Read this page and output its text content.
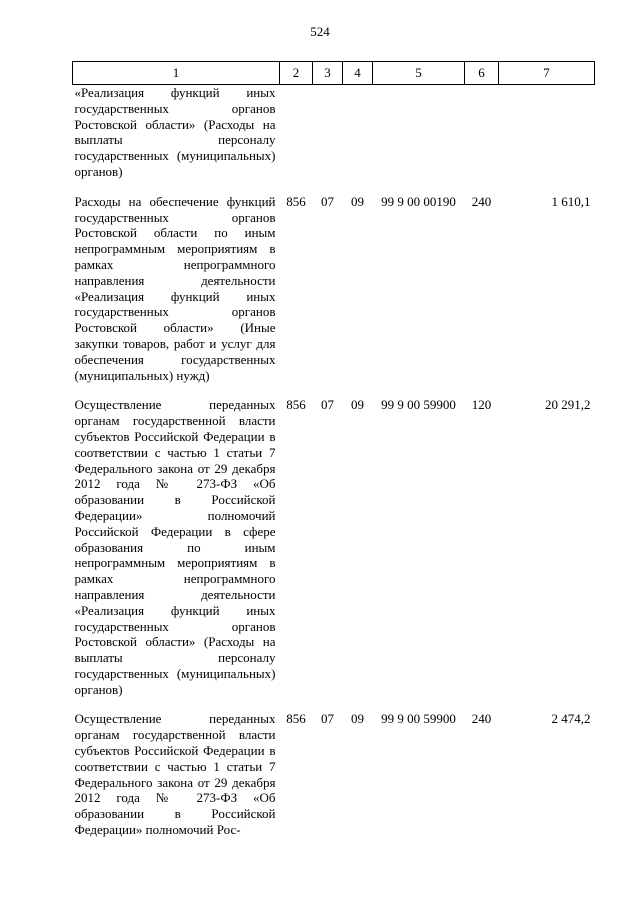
524
1	2	3	4	5	6	7
«Реализация функций иных государственных органов Ростовской области» (Расходы на выплаты персоналу государственных (муниципальных) органов)						
Расходы на обеспечение функций государственных органов Ростовской области по иным непрограммным мероприятиям в рамках непрограммного направления деятельности «Реализация функций иных государственных органов Ростовской области» (Иные закупки товаров, работ и услуг для обеспечения государственных (муниципальных) нужд)	856	07	09	99 9 00 00190	240	1 610,1
Осуществление переданных органам государственной власти субъектов Российской Федерации в соответствии с частью 1 статьи 7 Федерального закона от 29 декабря 2012 года № 273-ФЗ «Об образовании в Российской Федерации» полномочий Российской Федерации в сфере образования по иным непрограммным мероприятиям в рамках непрограммного направления деятельности «Реализация функций иных государственных органов Ростовской области» (Расходы на выплаты персоналу государственных (муниципальных) органов)	856	07	09	99 9 00 59900	120	20 291,2
Осуществление переданных органам государственной власти субъектов Российской Федерации в соответствии с частью 1 статьи 7 Федерального закона от 29 декабря 2012 года № 273-ФЗ «Об образовании в Российской Федерации» полномочий Рос-	856	07	09	99 9 00 59900	240	2 474,2
